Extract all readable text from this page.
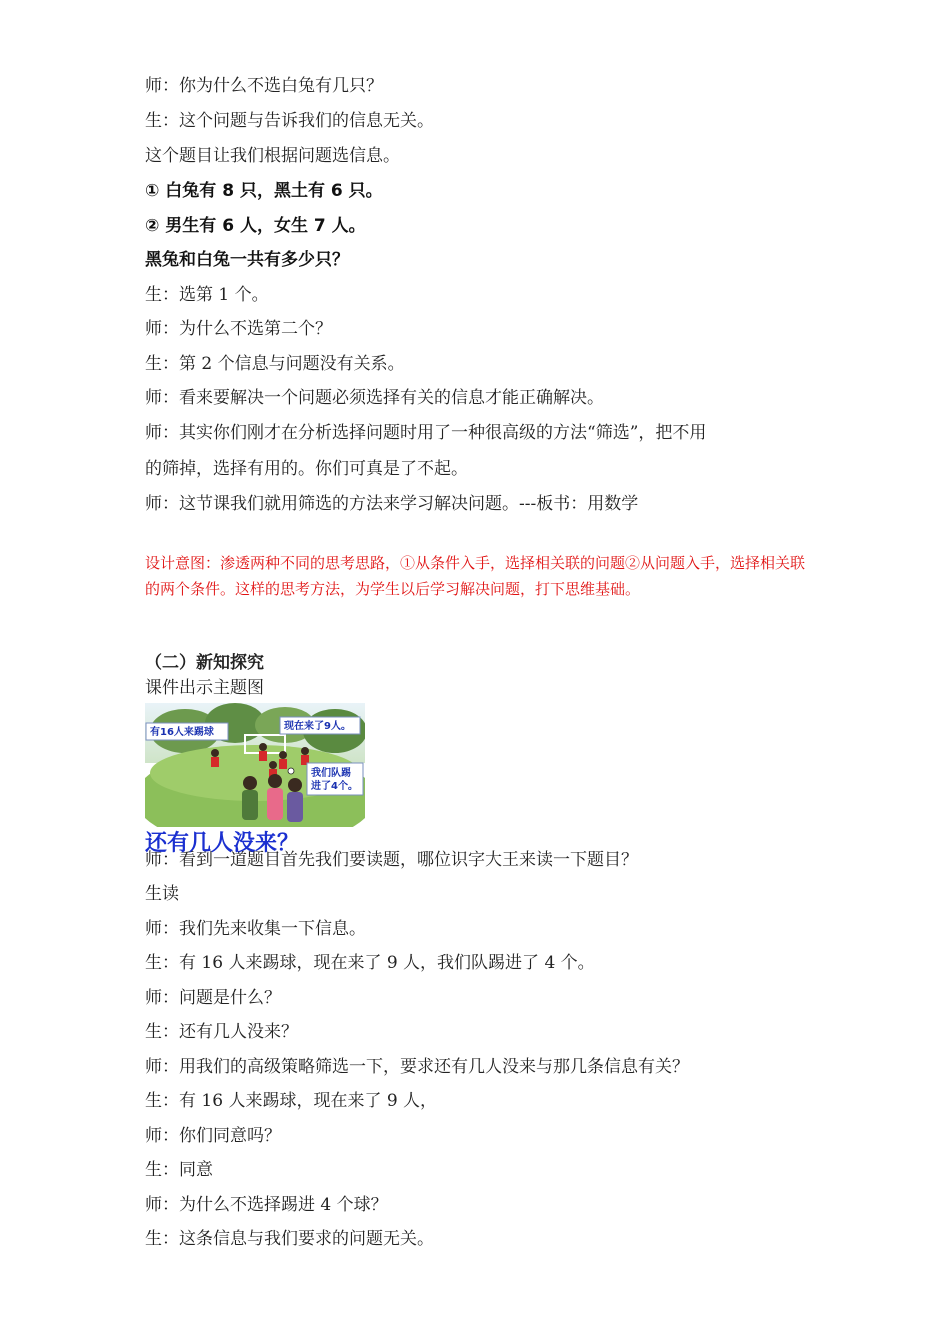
师：你为什么不选白兔有几只？
生：这个问题与告诉我们的信息无关。
这个题目让我们根据问题选信息。
① 白兔有 8 只，黑土有 6 只。
② 男生有 6 人，女生 7 人。
黑兔和白兔一共有多少只？
生：选第 1 个。
师：为什么不选第二个？
生：第 2 个信息与问题没有关系。
师：看来要解决一个问题必须选择有关的信息才能正确解决。
师：其实你们刚才在分析选择问题时用了一种很高级的方法“筛选”，把不用
的筛掉，选择有用的。你们可真是了不起。
师：这节课我们就用筛选的方法来学习解决问题。---板书：用数学
设计意图：渗透两种不同的思考思路，①从条件入手，选择相关联的问题②从问题入手，选择相关联的两个条件。这样的思考方法，为学生以后学习解决问题，打下思维基础。
（二）新知探究
课件出示主题图
有16人来踢球
现在来了9人。
我们队踢
进了4个。
还有几人没来？
师：看到一道题目首先我们要读题，哪位识字大王来读一下题目？
生读
师：我们先来收集一下信息。
生：有 16 人来踢球，现在来了 9 人，我们队踢进了 4 个。
师：问题是什么？
生：还有几人没来？
师：用我们的高级策略筛选一下，要求还有几人没来与那几条信息有关？
生：有 16 人来踢球，现在来了 9 人，
师：你们同意吗？
生：同意
师：为什么不选择踢进 4 个球？
生：这条信息与我们要求的问题无关。
